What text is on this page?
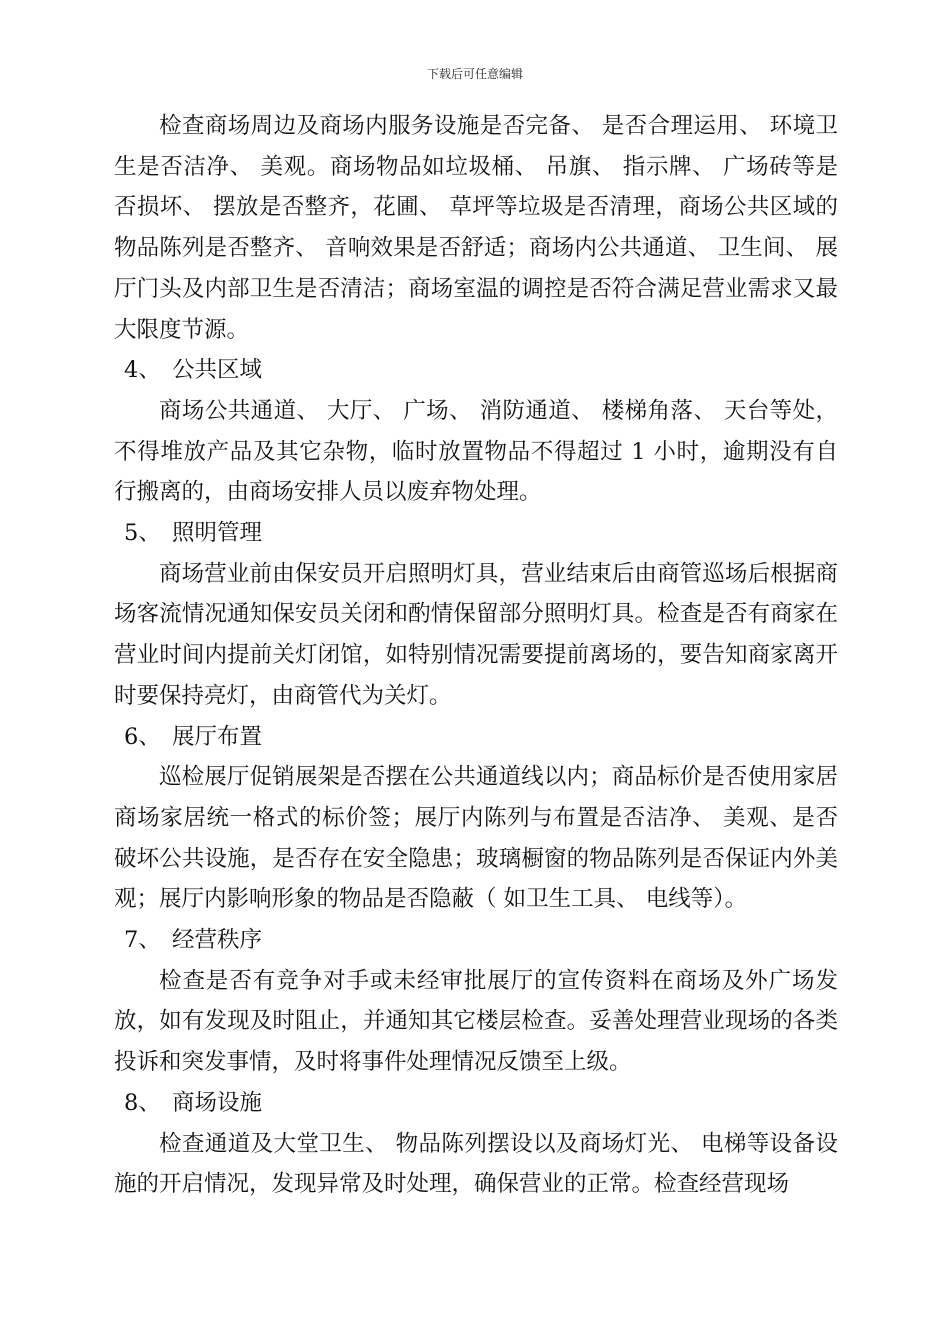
下载后可任意编辑

检查商场周边及商场内服务设施是否完备、 是否合理运用、 环境卫生是否洁净、 美观。商场物品如垃圾桶、 吊旗、 指示牌、 广场砖等是否损坏、 摆放是否整齐，花圃、 草坪等垃圾是否清理，商场公共区域的物品陈列是否整齐、 音响效果是否舒适；商场内公共通道、 卫生间、 展厅门头及内部卫生是否清洁；商场室温的调控是否符合满足营业需求又最大限度节源。

4、 公共区域

商场公共通道、 大厅、 广场、 消防通道、 楼梯角落、 天台等处，不得堆放产品及其它杂物，临时放置物品不得超过 1 小时，逾期没有自行搬离的，由商场安排人员以废弃物处理。

5、 照明管理

商场营业前由保安员开启照明灯具，营业结束后由商管巡场后根据商场客流情况通知保安员关闭和酌情保留部分照明灯具。检查是否有商家在营业时间内提前关灯闭馆，如特别情况需要提前离场的，要告知商家离开时要保持亮灯，由商管代为关灯。

6、 展厅布置

巡检展厅促销展架是否摆在公共通道线以内；商品标价是否使用家居商场家居统一格式的标价签；展厅内陈列与布置是否洁净、 美观、是否破坏公共设施，是否存在安全隐患；玻璃橱窗的物品陈列是否保证内外美观；展厅内影响形象的物品是否隐蔽（ 如卫生工具、 电线等）。

7、 经营秩序

检查是否有竞争对手或未经审批展厅的宣传资料在商场及外广场发放，如有发现及时阻止，并通知其它楼层检查。妥善处理营业现场的各类投诉和突发事情，及时将事件处理情况反馈至上级。

8、 商场设施

检查通道及大堂卫生、 物品陈列摆设以及商场灯光、 电梯等设备设施的开启情况，发现异常及时处理，确保营业的正常。检查经营现场
